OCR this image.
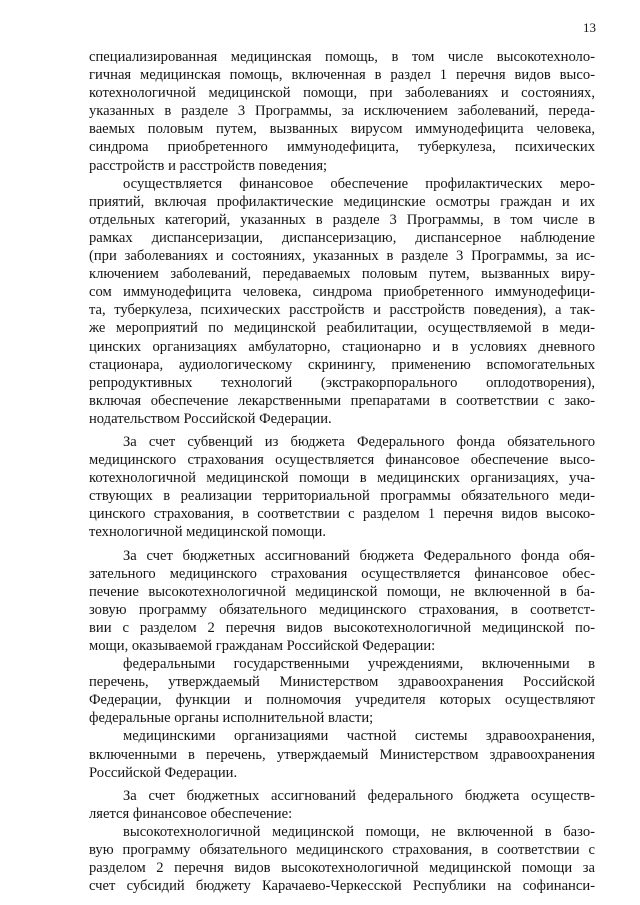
13
специализированная медицинская помощь, в том числе высокотехноло-
гичная медицинская помощь, включенная в раздел 1 перечня видов высо-
котехнологичной медицинской помощи, при заболеваниях и состояниях,
указанных в разделе 3 Программы, за исключением заболеваний, переда-
ваемых половым путем, вызванных вирусом иммунодефицита человека,
синдрома приобретенного иммунодефицита, туберкулеза, психических
расстройств и расстройств поведения;
осуществляется финансовое обеспечение профилактических меро-
приятий, включая профилактические медицинские осмотры граждан и их
отдельных категорий, указанных в разделе 3 Программы, в том числе в
рамках диспансеризации, диспансеризацию, диспансерное наблюдение
(при заболеваниях и состояниях, указанных в разделе 3 Программы, за ис-
ключением заболеваний, передаваемых половым путем, вызванных виру-
сом иммунодефицита человека, синдрома приобретенного иммунодефици-
та, туберкулеза, психических расстройств и расстройств поведения), а так-
же мероприятий по медицинской реабилитации, осуществляемой в меди-
цинских организациях амбулаторно, стационарно и в условиях дневного
стационара, аудиологическому скринингу, применению вспомогательных
репродуктивных технологий (экстракорпорального оплодотворения),
включая обеспечение лекарственными препаратами в соответствии с зако-
нодательством Российской Федерации.
За счет субвенций из бюджета Федерального фонда обязательного
медицинского страхования осуществляется финансовое обеспечение высо-
котехнологичной медицинской помощи в медицинских организациях, уча-
ствующих в реализации территориальной программы обязательного меди-
цинского страхования, в соответствии с разделом 1 перечня видов высоко-
технологичной медицинской помощи.
За счет бюджетных ассигнований бюджета Федерального фонда обя-
зательного медицинского страхования осуществляется финансовое обес-
печение высокотехнологичной медицинской помощи, не включенной в ба-
зовую программу обязательного медицинского страхования, в соответст-
вии с разделом 2 перечня видов высокотехнологичной медицинской по-
мощи, оказываемой гражданам Российской Федерации:
федеральными государственными учреждениями, включенными в
перечень, утверждаемый Министерством здравоохранения Российской
Федерации, функции и полномочия учредителя которых осуществляют
федеральные органы исполнительной власти;
медицинскими организациями частной системы здравоохранения,
включенными в перечень, утверждаемый Министерством здравоохранения
Российской Федерации.
За счет бюджетных ассигнований федерального бюджета осуществ-
ляется финансовое обеспечение:
высокотехнологичной медицинской помощи, не включенной в базо-
вую программу обязательного медицинского страхования, в соответствии с
разделом 2 перечня видов высокотехнологичной медицинской помощи за
счет субсидий бюджету Карачаево-Черкесской Республики на софинанси-
